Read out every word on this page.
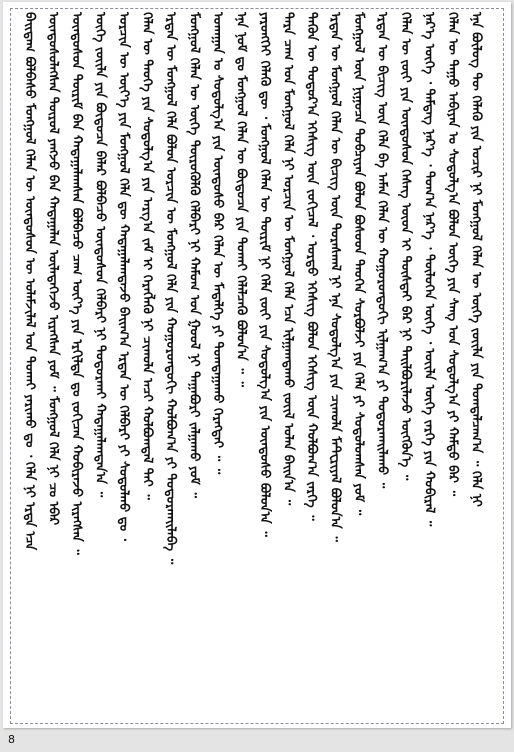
ᠪᠠᠢ᠌ᠳᠠᠭ ᠪᠣᠯᠪᠠᠰᠤ ᠮᠣᠩᠭᠣᠯ ᠬᠡᠯᠡᠨ ᠦ ᠦᠨᠳᠦᠰᠦᠨ ᠦ ᠤᠯᠠᠮᠵᠢᠯᠠᠯ ᠤᠨ ᠲᠤᠬᠠᠢ ᠶᠠᠷᠢᠬᠤ ᠳᠤ ᠂ ᠬᠡᠯᠡ ᠨᠢ ᠡᠷᠲᠡ ᠡᠴᠡ ᠦᠨᠳᠦᠰᠦᠯᠡᠭᠰᠡᠨ ᠲᠦᠷᠦᠯ ᠶᠠᠩᠵᠤ ᠪᠠᠨ ᠬᠠᠳᠠᠭᠠᠯᠠᠨ ᠦᠯᠡᠳᠡᠭᠡᠵᠦ ᠢᠷᠡᠭᠰᠡᠨ ᠶᠤᠮ ᠃ ᠮᠣᠩᠭᠣᠯ ᠬᠡᠯᠡ ᠨᠢ ᠴᠤ ᠡᠪᠡᠷ ᠦᠨᠳᠦᠰᠦᠨ ᠳᠦᠷᠢᠮ ᠪᠠᠨ ᠬᠠᠳᠠᠭᠠᠯᠠᠭᠰᠠᠨ ᠪᠣᠯᠪᠠᠴᠤ ᠴᠠᠭ ᠦᠶ᠎ᠡ ᠶᠢᠨ ᠡᠷᠭᠢᠯᠲᠡ ᠳᠤ ᠵᠣᠬᠢᠴᠠᠨ ᠬᠤᠪᠢᠷᠠᠵᠤ ᠢᠷᠡᠭᠰᠡᠨ ᠃ ᠦᠭᠡ ᠵᠦᠢᠯᠡ ᠶᠢᠨ ᠪᠦᠲᠦᠴᠡ ᠪᠠᠯᠠᠷ ᠪᠣᠯᠪᠠᠴᠤ ᠦᠨᠳᠦᠰᠦᠨ ᠬᠡᠯᠪᠡᠷᠢ ᠨᠢ ᠲᠣᠳᠣᠷᠬᠠᠢ ᠬᠠᠳᠠᠭᠠᠯᠠᠭᠳᠠᠨ᠎ᠠ ᠃ ᠣᠷᠴᠢᠨ ᠦ ᠦᠶ᠎ᠡ ᠶᠢᠨ ᠮᠣᠩᠭᠣᠯ ᠬᠡᠯᠡ ᠳᠦ ᠬᠠᠳᠠᠭᠠᠯᠠᠭᠳᠠᠵᠤ ᠪᠠᠢ᠌ᠭ᠎ᠠ ᠡᠷᠲᠡᠨ ᠦ ᠬᠡᠯᠪᠡᠷᠢ ᠶᠢ ᠰᠤᠳᠤᠯᠬᠤ ᠳᠤ ᠂ ᠬᠡᠯᠡᠨ ᠦ ᠲᠡᠦᠬᠡ ᠶᠢᠨ ᠰᠤᠳᠤᠯᠭ᠎ᠠ ᠶᠢᠨ ᠠᠷᠭ᠎ᠠ ᠵᠠᠮ ᠢ ᠬᠡᠷᠡᠭᠯᠡᠬᠦ ᠨᠢ ᠴᠢᠬᠤᠯᠠ ᠠᠴᠢ ᠬᠣᠯᠪᠣᠭᠳᠠᠯ ᠲᠠᠢ ᠃ ᠡᠷᠲᠡᠨ ᠦ ᠮᠣᠩᠭᠣᠯ ᠬᠡᠯᠡ ᠪᠣᠯᠣᠨ ᠣᠷᠴᠢᠨ ᠦ ᠮᠣᠩᠭᠣᠯ ᠬᠡᠯᠡ ᠶᠢᠨ ᠬᠣᠭᠣᠷᠣᠨᠳᠣᠬᠢ ᠬᠣᠯᠪᠣᠭ᠎ᠠ ᠶᠢ ᠲᠣᠳᠣᠷᠬᠠᠢᠯᠠᠪᠠ ᠃ ᠮᠣᠩᠭᠣᠯ ᠬᠡᠯᠡᠨ ᠦ ᠦᠭᠡ ᠲᠥᠷᠦᠭᠦᠯᠬᠦ ᠬᠡᠯᠪᠡᠷᠢ ᠨᠢ ᠬᠠᠮᠤᠭ ᠤᠨ ᠭᠣᠣᠯ ᠨᠢ ᠳᠠᠭᠠᠪᠤᠷᠢ ᠵᠠᠯᠭᠠᠬᠤ ᠶᠤᠮ ᠃ ᠤᠬᠠᠭᠠᠨ ᠤ ᠰᠤᠳᠤᠯᠭ᠎ᠠ ᠶᠢᠨ ᠦᠨᠳᠦᠰᠦ ᠪᠠᠷ ᠬᠡᠯᠡᠨ ᠦ ᠮᠡᠳᠡᠯᠭᠡ ᠶᠢ ᠲᠣᠭᠲᠠᠭᠠᠬᠤ ᠬᠡᠷᠡᠭᠲᠡᠢ ᠃ ᠃ ᠡᠨᠡ ᠨᠣᠮ ᠳᠤ ᠮᠣᠩᠭᠣᠯ ᠬᠡᠯᠡᠨ ᠦ ᠪᠦᠲᠦᠴᠡ ᠶᠢᠨ ᠲᠤᠬᠠᠢ ᠬᠡᠯᠡᠯᠴᠡᠬᠦ ᠪᠣᠯᠣᠨ᠎ᠠ ᠃ ᠃ ᠶᠡᠷᠦᠩᠬᠡᠢ ᠬᠡᠯᠡᠬᠦ ᠳᠦ ᠂ ᠮᠣᠩᠭᠣᠯ ᠬᠡᠯᠡᠨ ᠦ ᠳᠦᠷᠢᠮ ᠨᠢ ᠬᠡᠯᠡ ᠵᠦᠢ ᠶᠢᠨ ᠰᠤᠳᠤᠯᠭ᠎ᠠ ᠶᠢᠨ ᠦᠨᠳᠦᠰᠦ ᠪᠣᠯᠤᠨ᠎ᠠ ᠃ ᠲᠡᠷᠡ ᠴᠠᠭ ᠤᠨ ᠮᠣᠩᠭᠣᠯ ᠬᠡᠯᠡ ᠨᠢ ᠣᠷᠴᠢᠨ ᠦ ᠮᠣᠩᠭᠣᠯ ᠬᠡᠯᠡ ᠡᠴᠡ ᠢᠯᠭᠠᠭᠳᠠᠬᠤ ᠵᠦᠢᠯ ᠣᠯᠠᠨ ᠪᠠᠢ᠌ᠨ᠎ᠠ ᠃ ᠲᠡᠭᠦᠨ ᠦ ᠳᠣᠲᠣᠷ᠎ᠠ ᠡᠭᠡᠰᠢᠭ ᠦᠨ ᠵᠣᠬᠢᠴᠠᠯ ᠂ ᠤᠷᠲᠤ ᠡᠭᠡᠰᠢᠭ ᠪᠣᠯᠣᠨ ᠡᠭᠡᠰᠢᠭ ᠦᠨ ᠬᠣᠯᠪᠣᠭ᠎ᠠ ᠵᠡᠷᠭᠡ ᠃ ᠡᠷᠲᠡᠨ ᠦ ᠮᠣᠩᠭᠣᠯ ᠬᠡᠯᠡᠨ ᠦ ᠪᠢᠴᠢᠭ ᠦᠨ ᠳᠤᠷᠠᠰᠬᠠᠯ ᠨᠢ ᠡᠨᠡ ᠰᠤᠳᠤᠯᠭ᠎ᠠ ᠶᠢᠨ ᠴᠢᠬᠤᠯᠠ ᠮᠠᠲ᠋ᠧᠷᠢᠶᠠᠯ ᠪᠣᠯᠤᠨ᠎ᠠ ᠃ ᠮᠣᠩᠭᠣᠯ ᠦᠨ ᠨᠢᠭᠤᠴᠠ ᠲᠣᠪᠴᠢᠶᠠᠨ ᠪᠣᠯᠣᠨ ᠪᠤᠰᠤᠳ ᠲᠡᠦᠬᠡᠨ ᠰᠤᠷᠪᠤᠯᠵᠢ ᠶᠢᠨ ᠬᠡᠯᠡ ᠶᠢ ᠰᠤᠳᠤᠯᠤᠭᠰᠠᠨ ᠶᠤᠮ ᠃ ᠡᠷᠲᠡᠨ ᠦ ᠪᠢᠴᠢᠭ ᠦᠨ ᠬᠡᠯᠡ ᠪᠠ ᠠᠮᠠᠨ ᠬᠡᠯᠡᠨ ᠦ ᠬᠣᠭᠣᠷᠣᠨᠳᠣᠬᠢ ᠢᠯᠭᠠᠭ᠎ᠠ ᠶᠢ ᠲᠣᠳᠣᠷᠬᠠᠢᠯᠠᠬᠤ ᠃ ᠬᠡᠯᠡᠨ ᠦ ᠵᠦᠢ ᠶᠢᠨ ᠦᠨᠳᠦᠰᠦᠨ ᠬᠡᠰᠡᠭ ᠦᠳ ᠢ ᠲᠦᠰᠲᠡᠢ ᠪᠠᠷ ᠨᠢ ᠲᠠᠢᠯᠪᠤᠷᠢᠯᠠᠵᠤ ᠥᠭᠭᠦᠨ᠎ᠡ ᠃ ᠨᠡᠷ᠎ᠡ ᠦᠭᠡ ᠂ ᠲᠡᠮᠳᠡᠭ ᠨᠡᠷ᠎ᠡ ᠂ ᠲᠣᠭ᠎ᠠ ᠨᠡᠷ᠎ᠡ ᠂ ᠲᠥᠯᠦᠭᠡᠨ ᠦᠭᠡ ᠂ ᠦᠢᠯᠡ ᠦᠭᠡ ᠵᠡᠷᠭᠡ ᠶᠢᠨ ᠬᠤᠪᠢᠷᠠᠯ ᠃ ᠬᠡᠯᠡᠨ ᠦ ᠳᠠᠭᠤ ᠠᠪᠢᠶᠠᠨ ᠤ ᠰᠤᠳᠤᠯᠭ᠎ᠠ ᠪᠣᠯᠣᠨ ᠦᠭᠡ ᠶᠢᠨ ᠰᠠᠩ ᠤᠨ ᠰᠤᠳᠤᠯᠭ᠎ᠠ ᠶᠢ ᠬᠠᠮᠲᠤ ᠪᠠᠷ ᠃ ᠡᠨᠡ ᠪᠦᠯᠦᠭ ᠲᠦ ᠬᠡᠯᠡᠬᠦ ᠶᠢᠨ ᠤᠴᠢᠷ ᠨᠢ ᠮᠣᠩᠭᠣᠯ ᠬᠡᠯᠡᠨ ᠦ ᠦᠭᠡ ᠵᠦᠢᠯᠡ ᠶᠢᠨ ᠲᠣᠭᠲᠠᠯᠴᠠᠭ᠎ᠠ ᠃ ᠬᠡᠯᠡ ᠨᠢ
8
